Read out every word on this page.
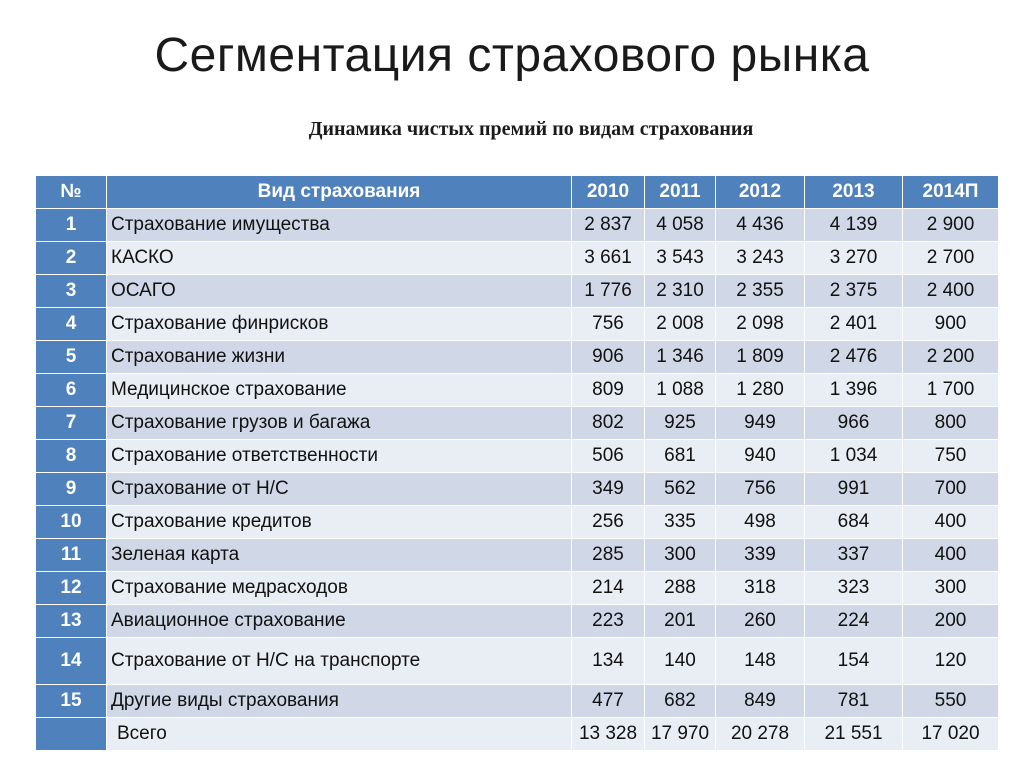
Сегментация страхового рынка
Динамика чистых премий по видам страхования
№	Вид страхования	2010	2011	2012	2013	2014П
1	Страхование имущества	2 837	4 058	4 436	4 139	2 900
2	КАСКО	3 661	3 543	3 243	3 270	2 700
3	ОСАГО	1 776	2 310	2 355	2 375	2 400
4	Страхование финрисков	756	2 008	2 098	2 401	900
5	Страхование жизни	906	1 346	1 809	2 476	2 200
6	Медицинское страхование	809	1 088	1 280	1 396	1 700
7	Страхование грузов и багажа	802	925	949	966	800
8	Страхование ответственности	506	681	940	1 034	750
9	Страхование от Н/С	349	562	756	991	700
10	Страхование кредитов	256	335	498	684	400
11	Зеленая карта	285	300	339	337	400
12	Страхование медрасходов	214	288	318	323	300
13	Авиационное страхование	223	201	260	224	200
14	Страхование от Н/С на транспорте	134	140	148	154	120
15	Другие виды страхования	477	682	849	781	550
	Всего	13 328	17 970	20 278	21 551	17 020
